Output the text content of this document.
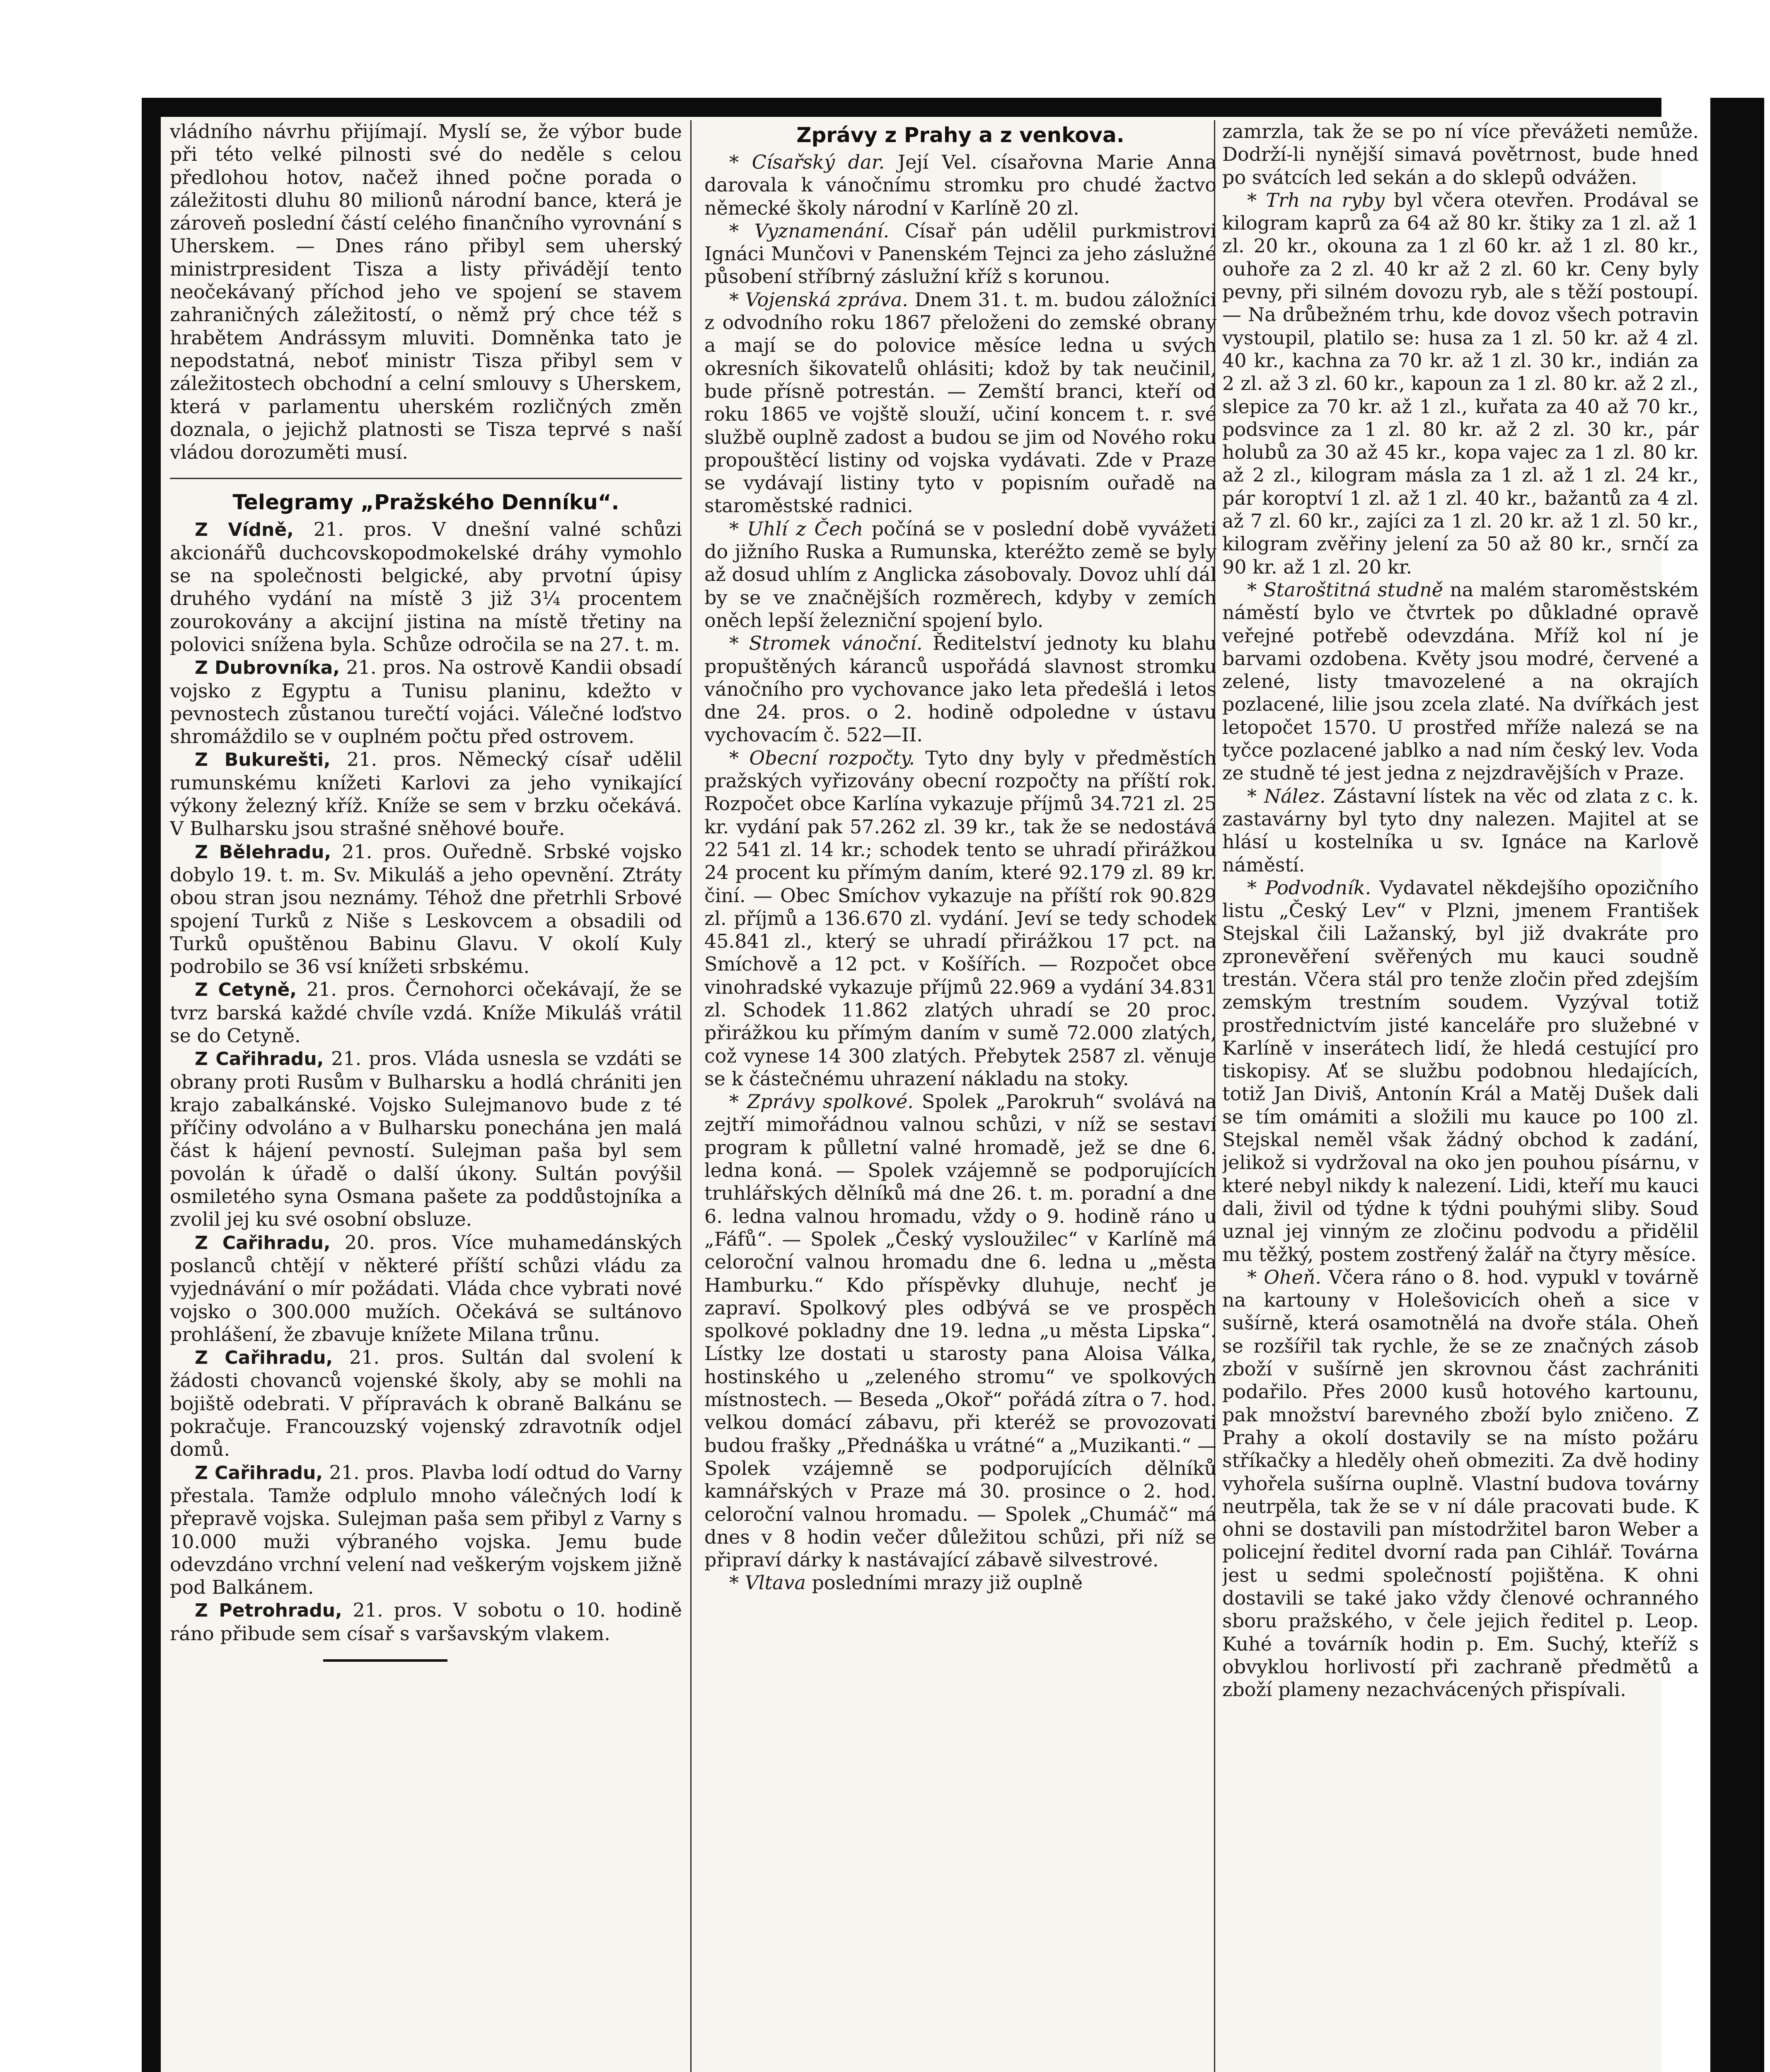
vládního návrhu přijímají. Myslí se, že výbor bude při této velké pilnosti své do neděle s celou předlohou hotov, načež ihned počne porada o záležitosti dluhu 80 milionů národní bance, která je zároveň poslední částí celého finančního vyrovnání s Uherskem. — Dnes ráno přibyl sem uherský ministrpresident Tisza a listy přivádějí tento neočekávaný příchod jeho ve spojení se stavem zahraničných záležitostí, o němž prý chce též s hrabětem Andrássym mluviti. Domněnka tato je nepodstatná, neboť ministr Tisza přibyl sem v záležitostech obchodní a celní smlouvy s Uherskem, která v parlamentu uherském rozličných změn doznala, o jejichž platnosti se Tisza teprvé s naší vládou dorozuměti musí.

Telegramy „Pražského Denníku“.

Z Vídně, 21. pros. V dnešní valné schůzi akcionářů duchcovskopodmokelské dráhy vymohlo se na společnosti belgické, aby prvotní úpisy druhého vydání na místě 3 již 3¼ procentem zourokovány a akcijní jistina na místě třetiny na polovici snížena byla. Schůze odročila se na 27. t. m.

Z Dubrovníka, 21. pros. Na ostrově Kandii obsadí vojsko z Egyptu a Tunisu planinu, kdežto v pevnostech zůstanou turečtí vojáci. Válečné loďstvo shromáždilo se v ouplném počtu před ostrovem.

Z Bukurešti, 21. pros. Německý císař udělil rumunskému knížeti Karlovi za jeho vynikající výkony železný kříž. Kníže se sem v brzku očekává. V Bulharsku jsou strašné sněhové bouře.

Z Bělehradu, 21. pros. Ouředně. Srbské vojsko dobylo 19. t. m. Sv. Mikuláš a jeho opevnění. Ztráty obou stran jsou neznámy. Téhož dne přetrhli Srbové spojení Turků z Niše s Leskovcem a obsadili od Turků opuštěnou Babinu Glavu. V okolí Kuly podrobilo se 36 vsí knížeti srbskému.

Z Cetyně, 21. pros. Černohorci očekávají, že se tvrz barská každé chvíle vzdá. Kníže Mikuláš vrátil se do Cetyně.

Z Cařihradu, 21. pros. Vláda usnesla se vzdáti se obrany proti Rusům v Bulharsku a hodlá chrániti jen krajo zabalkánské. Vojsko Sulejmanovo bude z té příčiny odvoláno a v Bulharsku ponechána jen malá část k hájení pevností. Sulejman paša byl sem povolán k úřadě o další úkony. Sultán povýšil osmiletého syna Osmana pašete za poddůstojníka a zvolil jej ku své osobní obsluze.

Z Cařihradu, 20. pros. Více muhamedánských poslanců chtějí v některé příští schůzi vládu za vyjednávání o mír požádati. Vláda chce vybrati nové vojsko o 300.000 mužích. Očekává se sultánovo prohlášení, že zbavuje knížete Milana trůnu.

Z Cařihradu, 21. pros. Sultán dal svolení k žádosti chovanců vojenské školy, aby se mohli na bojiště odebrati. V přípravách k obraně Balkánu se pokračuje. Francouzský vojenský zdravotník odjel domů.

Z Cařihradu, 21. pros. Plavba lodí odtud do Varny přestala. Tamže odplulo mnoho válečných lodí k přepravě vojska. Sulejman paša sem přibyl z Varny s 10.000 muži výbraného vojska. Jemu bude odevzdáno vrchní velení nad veškerým vojskem jižně pod Balkánem.

Z Petrohradu, 21. pros. V sobotu o 10. hodině ráno přibude sem císař s varšavským vlakem.

Zprávy z Prahy a z venkova.

* Císařský dar. Její Vel. císařovna Marie Anna darovala k vánočnímu stromku pro chudé žactvo německé školy národní v Karlíně 20 zl.

* Vyznamenání. Císař pán udělil purkmistrovi Ignáci Munčovi v Panenském Tejnci za jeho záslužné působení stříbrný záslužní kříž s korunou.

* Vojenská zpráva. Dnem 31. t. m. budou záložníci z odvodního roku 1867 přeloženi do zemské obrany a mají se do polovice měsíce ledna u svých okresních šikovatelů ohlásiti; kdož by tak neučinil, bude přísně potrestán. — Zemští branci, kteří od roku 1865 ve vojště slouží, učiní koncem t. r. své službě ouplně zadost a budou se jim od Nového roku propouštěcí listiny od vojska vydávati. Zde v Praze se vydávají listiny tyto v popisním ouřadě na staroměstské radnici.

* Uhlí z Čech počíná se v poslední době vyvážeti do jižního Ruska a Rumunska, kteréžto země se byly až dosud uhlím z Anglicka zásobovaly. Dovoz uhlí dál by se ve značnějších rozměrech, kdyby v zemích oněch lepší železniční spojení bylo.

* Stromek vánoční. Ředitelství jednoty ku blahu propuštěných káranců uspořádá slavnost stromku vánočního pro vychovance jako leta předešlá i letos dne 24. pros. o 2. hodině odpoledne v ústavu vychovacím č. 522—II.

* Obecní rozpočty. Tyto dny byly v předměstích pražských vyřizovány obecní rozpočty na příští rok. Rozpočet obce Karlína vykazuje příjmů 34.721 zl. 25 kr. vydání pak 57.262 zl. 39 kr., tak že se nedostává 22 541 zl. 14 kr.; schodek tento se uhradí přirážkou 24 procent ku přímým daním, které 92.179 zl. 89 kr. činí. — Obec Smíchov vykazuje na příští rok 90.829 zl. příjmů a 136.670 zl. vydání. Jeví se tedy schodek 45.841 zl., který se uhradí přirážkou 17 pct. na Smíchově a 12 pct. v Košířích. — Rozpočet obce vinohradské vykazuje příjmů 22.969 a vydání 34.831 zl. Schodek 11.862 zlatých uhradí se 20 proc. přirážkou ku přímým daním v sumě 72.000 zlatých, což vynese 14 300 zlatých. Přebytek 2587 zl. věnuje se k částečnému uhrazení nákladu na stoky.

* Zprávy spolkové. Spolek „Parokruh“ svolává na zejtří mimořádnou valnou schůzi, v níž se sestaví program k půlletní valné hromadě, jež se dne 6. ledna koná. — Spolek vzájemně se podporujících truhlářských dělníků má dne 26. t. m. poradní a dne 6. ledna valnou hromadu, vždy o 9. hodině ráno u „Fáfů“. — Spolek „Český vysloužilec“ v Karlíně má celoroční valnou hromadu dne 6. ledna u „města Hamburku.“ Kdo příspěvky dluhuje, nechť je zapraví. Spolkový ples odbývá se ve prospěch spolkové pokladny dne 19. ledna „u města Lipska“. Lístky lze dostati u starosty pana Aloisa Válka, hostinského u „zeleného stromu“ ve spolkových místnostech. — Beseda „Okoř“ pořádá zítra o 7. hod. velkou domácí zábavu, při kteréž se provozovati budou frašky „Přednáška u vrátné“ a „Muzikanti.“ — Spolek vzájemně se podporujících dělníků kamnářských v Praze má 30. prosince o 2. hod. celoroční valnou hromadu. — Spolek „Chumáč“ má dnes v 8 hodin večer důležitou schůzi, při níž se připraví dárky k nastávající zábavě silvestrové.

* Vltava posledními mrazy již ouplně

zamrzla, tak že se po ní více převážeti nemůže. Dodrží-li nynější simavá povětrnost, bude hned po svátcích led sekán a do sklepů odvážen.

* Trh na ryby byl včera otevřen. Prodával se kilogram kaprů za 64 až 80 kr. štiky za 1 zl. až 1 zl. 20 kr., okouna za 1 zl 60 kr. až 1 zl. 80 kr., ouhoře za 2 zl. 40 kr až 2 zl. 60 kr. Ceny byly pevny, při silném dovozu ryb, ale s těží postoupí. — Na drůbežném trhu, kde dovoz všech potravin vystoupil, platilo se: husa za 1 zl. 50 kr. až 4 zl. 40 kr., kachna za 70 kr. až 1 zl. 30 kr., indián za 2 zl. až 3 zl. 60 kr., kapoun za 1 zl. 80 kr. až 2 zl., slepice za 70 kr. až 1 zl., kuřata za 40 až 70 kr., podsvince za 1 zl. 80 kr. až 2 zl. 30 kr., pár holubů za 30 až 45 kr., kopa vajec za 1 zl. 80 kr. až 2 zl., kilogram másla za 1 zl. až 1 zl. 24 kr., pár koroptví 1 zl. až 1 zl. 40 kr., bažantů za 4 zl. až 7 zl. 60 kr., zajíci za 1 zl. 20 kr. až 1 zl. 50 kr., kilogram zvěřiny jelení za 50 až 80 kr., srnčí za 90 kr. až 1 zl. 20 kr.

* Staroštitná studně na malém staroměstském náměstí bylo ve čtvrtek po důkladné opravě veřejné potřebě odevzdána. Mříž kol ní je barvami ozdobena. Květy jsou modré, červené a zelené, listy tmavozelené a na okrajích pozlacené, lilie jsou zcela zlaté. Na dvířkách jest letopočet 1570. U prostřed mříže nalezá se na tyčce pozlacené jablko a nad ním český lev. Voda ze studně té jest jedna z nejzdravějších v Praze.

* Nález. Zástavní lístek na věc od zlata z c. k. zastavárny byl tyto dny nalezen. Majitel at se hlásí u kostelníka u sv. Ignáce na Karlově náměstí.

* Podvodník. Vydavatel někdejšího opozičního listu „Český Lev“ v Plzni, jmenem František Stejskal čili Lažanský, byl již dvakráte pro zpronevěření svěřených mu kauci soudně trestán. Včera stál pro tenže zločin před zdejším zemským trestním soudem. Vyzýval totiž prostřednictvím jisté kanceláře pro služebné v Karlíně v inserátech lidí, že hledá cestující pro tiskopisy. Ať se službu podobnou hledajících, totiž Jan Diviš, Antonín Král a Matěj Dušek dali se tím omámiti a složili mu kauce po 100 zl. Stejskal neměl však žádný obchod k zadání, jelikož si vydržoval na oko jen pouhou písárnu, v které nebyl nikdy k nalezení. Lidi, kteří mu kauci dali, živil od týdne k týdni pouhými sliby. Soud uznal jej vinným ze zločinu podvodu a přidělil mu těžký, postem zostřený žalář na čtyry měsíce.

* Oheň. Včera ráno o 8. hod. vypukl v továrně na kartouny v Holešovicích oheň a sice v sušírně, která osamotnělá na dvoře stála. Oheň se rozšířil tak rychle, že se ze značných zásob zboží v sušírně jen skrovnou část zachrániti podařilo. Přes 2000 kusů hotového kartounu, pak množství barevného zboží bylo zničeno. Z Prahy a okolí dostavily se na místo požáru stříkačky a hleděly oheň obmeziti. Za dvě hodiny vyhořela sušírna ouplně. Vlastní budova továrny neutrpěla, tak že se v ní dále pracovati bude. K ohni se dostavili pan místodržitel baron Weber a policejní ředitel dvorní rada pan Cihlář. Továrna jest u sedmi společností pojištěna. K ohni dostavili se také jako vždy členové ochranného sboru pražského, v čele jejich ředitel p. Leop. Kuhé a továrník hodin p. Em. Suchý, kteříž s obvyklou horlivostí při zachraně předmětů a zboží plameny nezachvácených přispívali.
